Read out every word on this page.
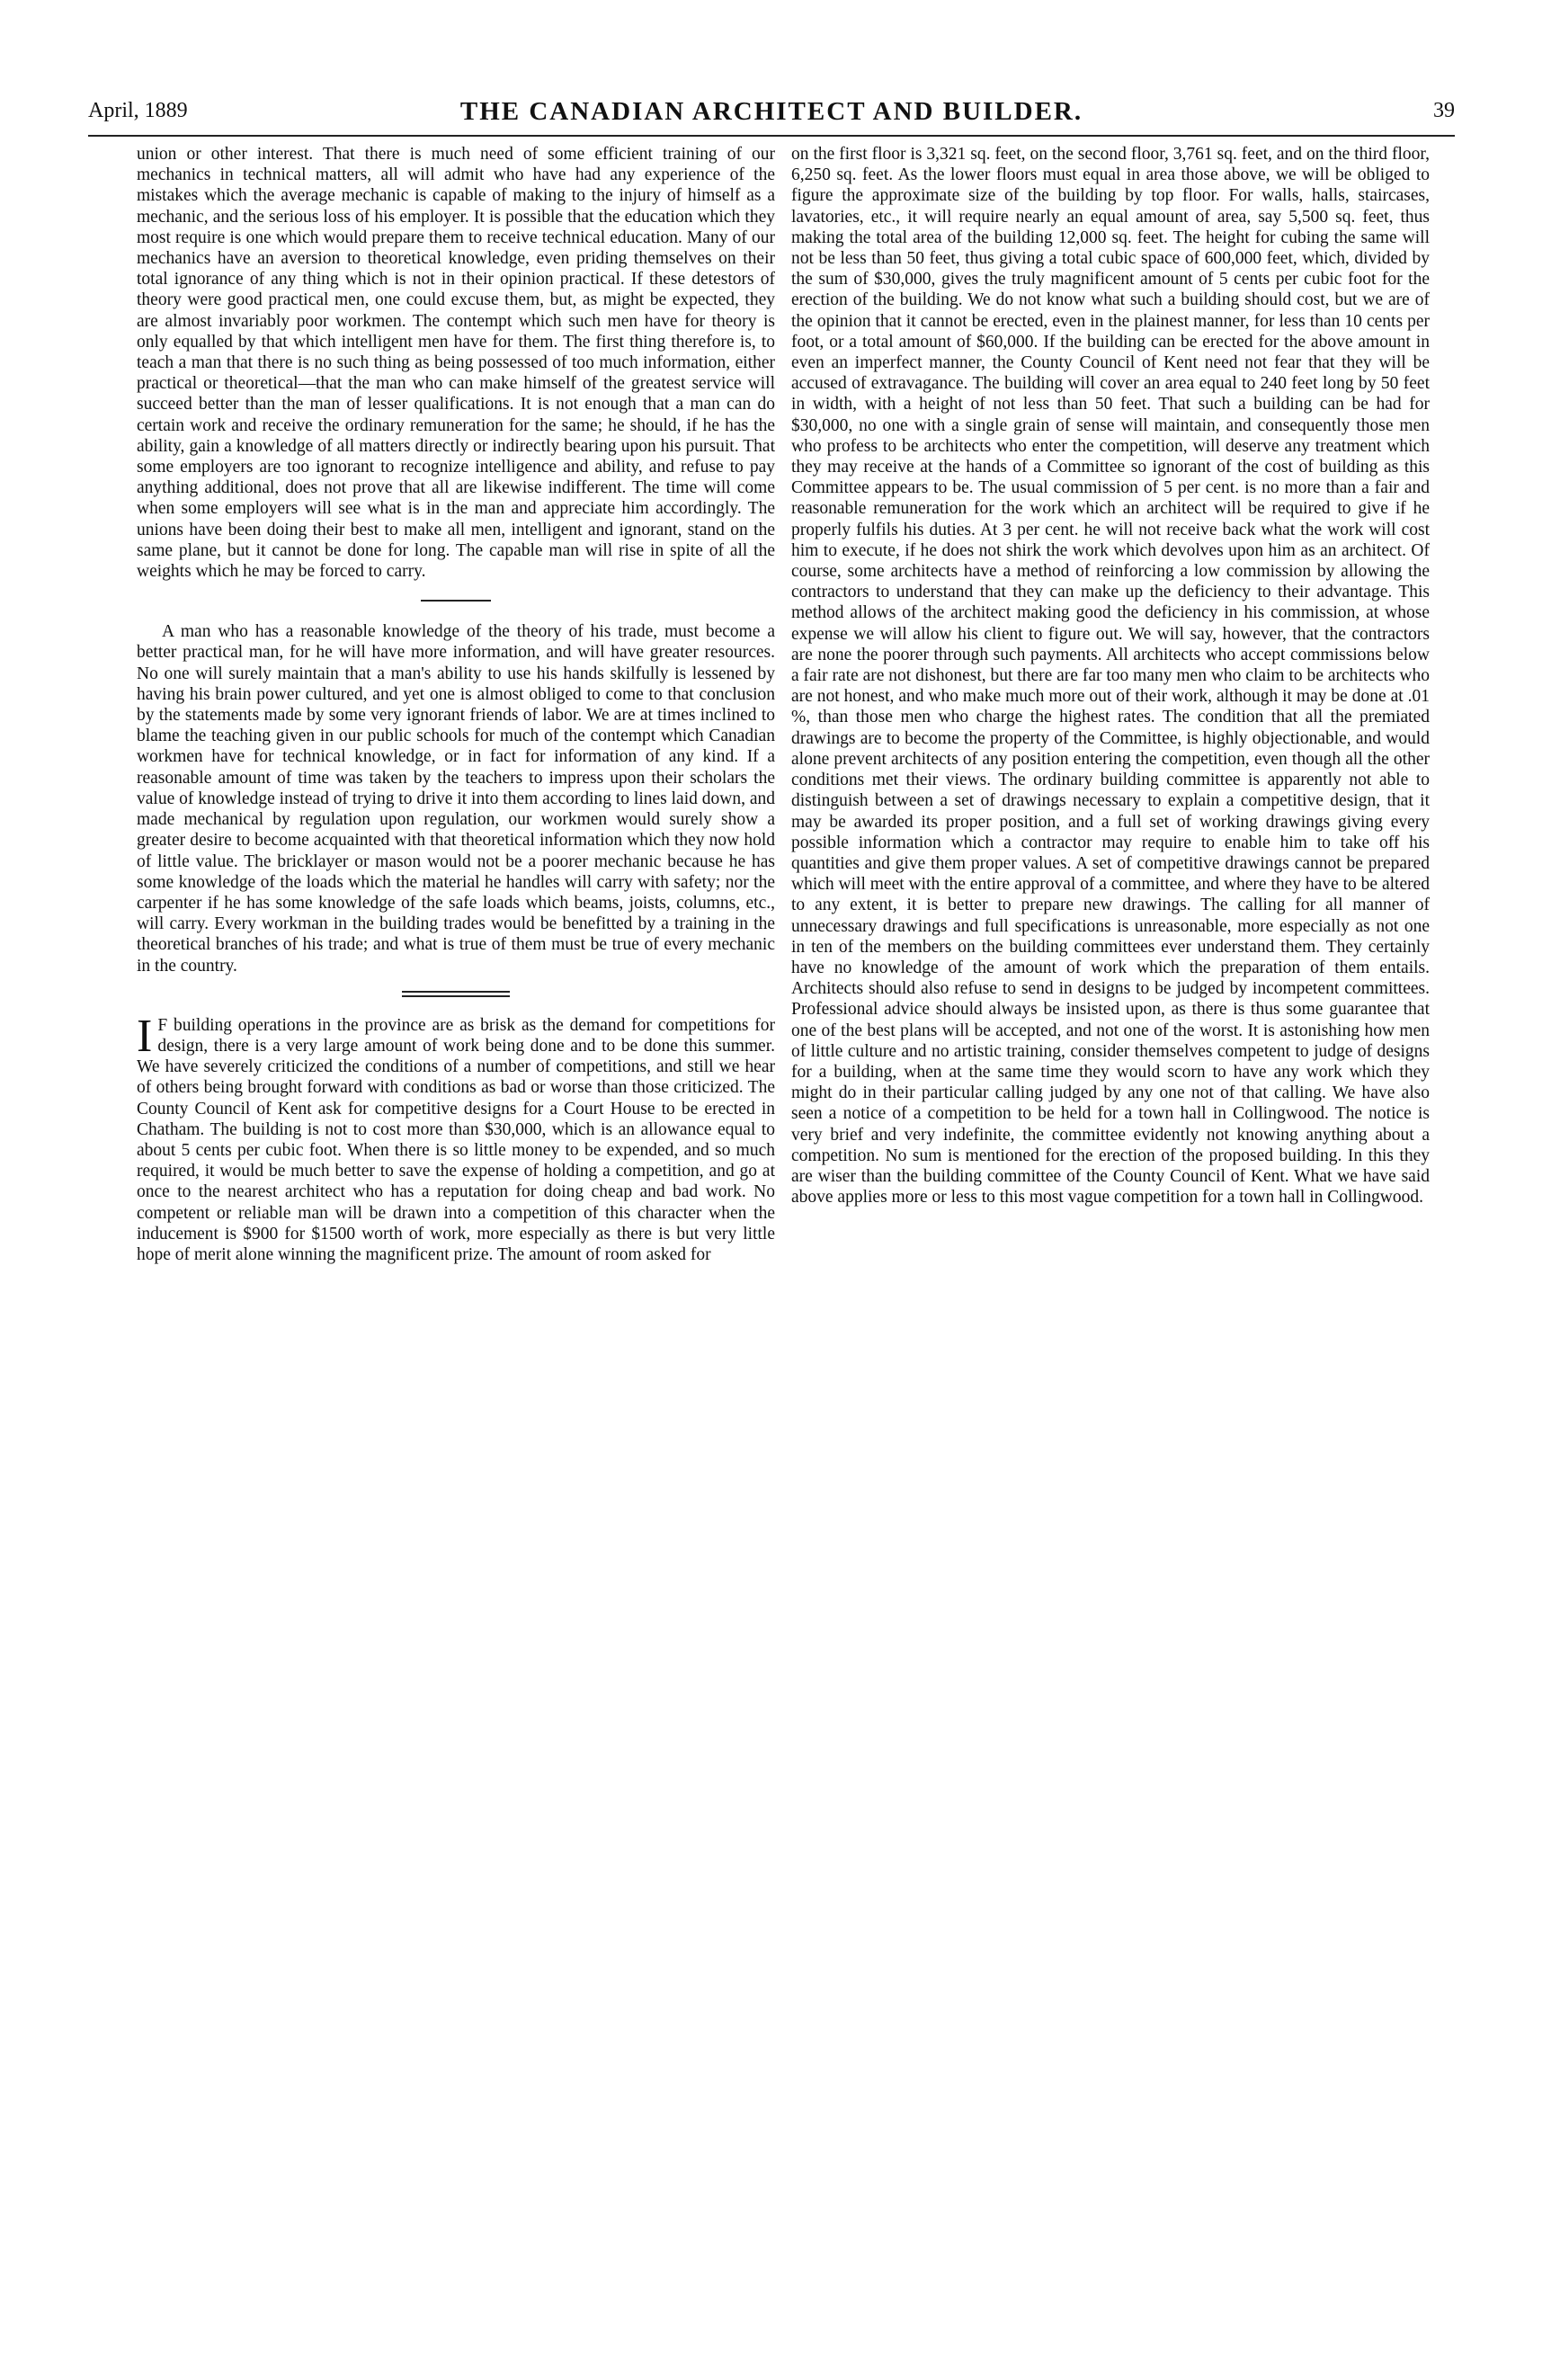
April, 1889	THE CANADIAN ARCHITECT AND BUILDER.	39

union or other interest. That there is much need of some efficient training of our mechanics in technical matters, all will admit who have had any experience of the mistakes which the average mechanic is capable of making to the injury of himself as a mechanic, and the serious loss of his employer. It is possible that the education which they most require is one which would prepare them to receive technical education. Many of our mechanics have an aversion to theoretical knowledge, even priding themselves on their total ignorance of any thing which is not in their opinion practical. If these detestors of theory were good practical men, one could excuse them, but, as might be expected, they are almost invariably poor workmen. The contempt which such men have for theory is only equalled by that which intelligent men have for them. The first thing therefore is, to teach a man that there is no such thing as being possessed of too much information, either practical or theoretical—that the man who can make himself of the greatest service will succeed better than the man of lesser qualifications. It is not enough that a man can do certain work and receive the ordinary remuneration for the same; he should, if he has the ability, gain a knowledge of all matters directly or indirectly bearing upon his pursuit. That some employers are too ignorant to recognize intelligence and ability, and refuse to pay anything additional, does not prove that all are likewise indifferent. The time will come when some employers will see what is in the man and appreciate him accordingly. The unions have been doing their best to make all men, intelligent and ignorant, stand on the same plane, but it cannot be done for long. The capable man will rise in spite of all the weights which he may be forced to carry.

A man who has a reasonable knowledge of the theory of his trade, must become a better practical man, for he will have more information, and will have greater resources. No one will surely maintain that a man's ability to use his hands skilfully is lessened by having his brain power cultured, and yet one is almost obliged to come to that conclusion by the statements made by some very ignorant friends of labor. We are at times inclined to blame the teaching given in our public schools for much of the contempt which Canadian workmen have for technical knowledge, or in fact for information of any kind. If a reasonable amount of time was taken by the teachers to impress upon their scholars the value of knowledge instead of trying to drive it into them according to lines laid down, and made mechanical by regulation upon regulation, our workmen would surely show a greater desire to become acquainted with that theoretical information which they now hold of little value. The bricklayer or mason would not be a poorer mechanic because he has some knowledge of the loads which the material he handles will carry with safety; nor the carpenter if he has some knowledge of the safe loads which beams, joists, columns, etc., will carry. Every workman in the building trades would be benefitted by a training in the theoretical branches of his trade; and what is true of them must be true of every mechanic in the country.

I F building operations in the province are as brisk as the demand for competitions for design, there is a very large amount of work being done and to be done this summer. We have severely criticized the conditions of a number of competitions, and still we hear of others being brought forward with conditions as bad or worse than those criticized. The County Council of Kent ask for competitive designs for a Court House to be erected in Chatham. The building is not to cost more than $30,000, which is an allowance equal to about 5 cents per cubic foot. When there is so little money to be expended, and so much required, it would be much better to save the expense of holding a competition, and go at once to the nearest architect who has a reputation for doing cheap and bad work. No competent or reliable man will be drawn into a competition of this character when the inducement is $900 for $1500 worth of work, more especially as there is but very little hope of merit alone winning the magnificent prize. The amount of room asked for

on the first floor is 3,321 sq. feet, on the second floor, 3,761 sq. feet, and on the third floor, 6,250 sq. feet. As the lower floors must equal in area those above, we will be obliged to figure the approximate size of the building by top floor. For walls, halls, staircases, lavatories, etc., it will require nearly an equal amount of area, say 5,500 sq. feet, thus making the total area of the building 12,000 sq. feet. The height for cubing the same will not be less than 50 feet, thus giving a total cubic space of 600,000 feet, which, divided by the sum of $30,000, gives the truly magnificent amount of 5 cents per cubic foot for the erection of the building. We do not know what such a building should cost, but we are of the opinion that it cannot be erected, even in the plainest manner, for less than 10 cents per foot, or a total amount of $60,000. If the building can be erected for the above amount in even an imperfect manner, the County Council of Kent need not fear that they will be accused of extravagance. The building will cover an area equal to 240 feet long by 50 feet in width, with a height of not less than 50 feet. That such a building can be had for $30,000, no one with a single grain of sense will maintain, and consequently those men who profess to be architects who enter the competition, will deserve any treatment which they may receive at the hands of a Committee so ignorant of the cost of building as this Committee appears to be. The usual commission of 5 per cent. is no more than a fair and reasonable remuneration for the work which an architect will be required to give if he properly fulfils his duties. At 3 per cent. he will not receive back what the work will cost him to execute, if he does not shirk the work which devolves upon him as an architect. Of course, some architects have a method of reinforcing a low commission by allowing the contractors to understand that they can make up the deficiency to their advantage. This method allows of the architect making good the deficiency in his commission, at whose expense we will allow his client to figure out. We will say, however, that the contractors are none the poorer through such payments. All architects who accept commissions below a fair rate are not dishonest, but there are far too many men who claim to be architects who are not honest, and who make much more out of their work, although it may be done at .01 %, than those men who charge the highest rates. The condition that all the premiated drawings are to become the property of the Committee, is highly objectionable, and would alone prevent architects of any position entering the competition, even though all the other conditions met their views. The ordinary building committee is apparently not able to distinguish between a set of drawings necessary to explain a competitive design, that it may be awarded its proper position, and a full set of working drawings giving every possible information which a contractor may require to enable him to take off his quantities and give them proper values. A set of competitive drawings cannot be prepared which will meet with the entire approval of a committee, and where they have to be altered to any extent, it is better to prepare new drawings. The calling for all manner of unnecessary drawings and full specifications is unreasonable, more especially as not one in ten of the members on the building committees ever understand them. They certainly have no knowledge of the amount of work which the preparation of them entails. Architects should also refuse to send in designs to be judged by incompetent committees. Professional advice should always be insisted upon, as there is thus some guarantee that one of the best plans will be accepted, and not one of the worst. It is astonishing how men of little culture and no artistic training, consider themselves competent to judge of designs for a building, when at the same time they would scorn to have any work which they might do in their particular calling judged by any one not of that calling. We have also seen a notice of a competition to be held for a town hall in Collingwood. The notice is very brief and very indefinite, the committee evidently not knowing anything about a competition. No sum is mentioned for the erection of the proposed building. In this they are wiser than the building committee of the County Council of Kent. What we have said above applies more or less to this most vague competition for a town hall in Collingwood.
